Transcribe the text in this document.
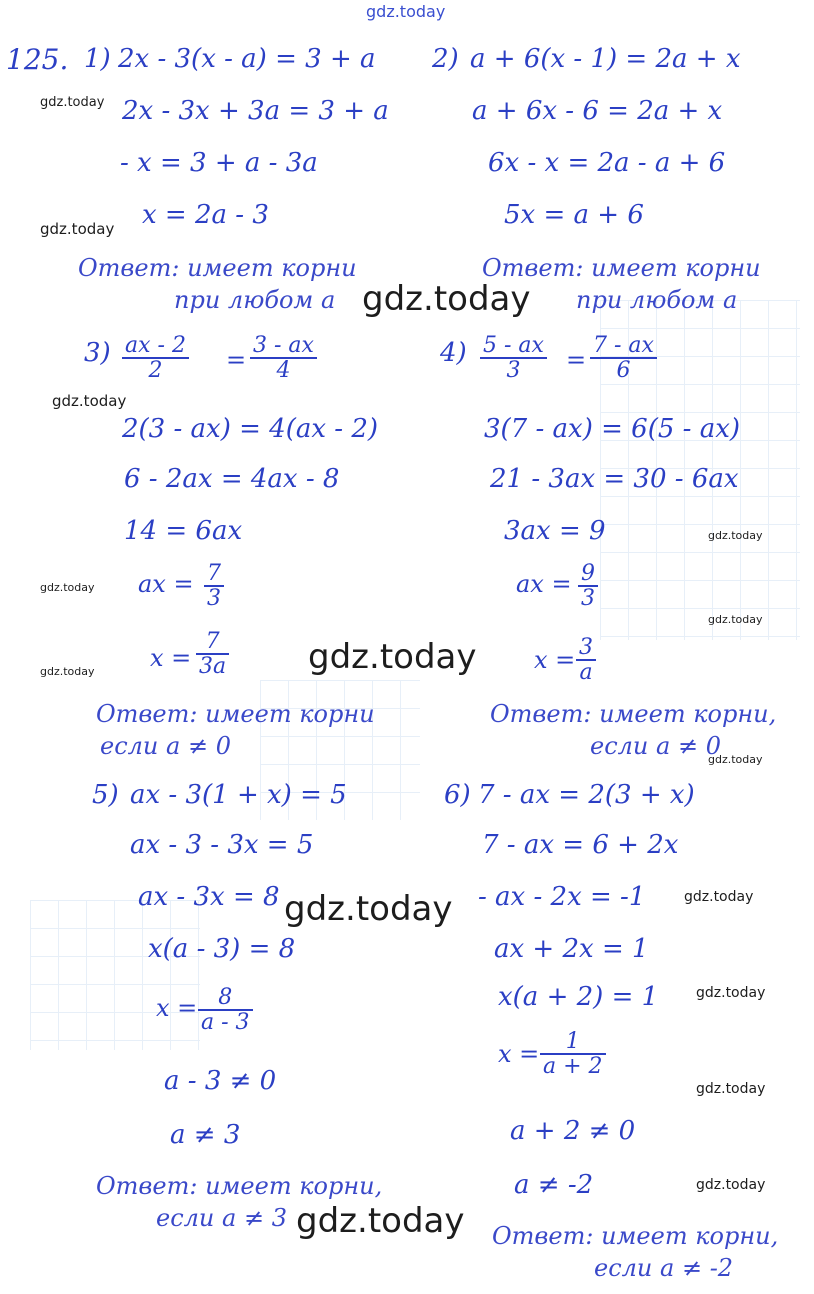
gdz.today
125. 1) 2x - 3(x - a) = 3 + a
2x - 3x + 3a = 3 + a
- x = 3 + a - 3a
x = 2a - 3
Ответ: имеет корни
при любом a
2) a + 6(x - 1) = 2a + x
a + 6x - 6 = 2a + x
6x - x = 2a - a + 6
5x = a + 6
Ответ: имеет корни
при любом a
$3) \frac{ax - 2}{2} = \frac{3 - ax}{4}$
2(3 - ax) = 4(ax - 2)
6 - 2ax = 4ax - 8
14 = 6ax
ax = $\frac{7}{3}$
$x = \frac{7}{3a}$
Ответ: имеет корни
если a ≠ 0
$4) \frac{5 - ax}{3} = \frac{7 - ax}{6}$
3(7 - ax) = 6(5 - ax)
21 - 3ax = 30 - 6ax
3ax = 9
ax = $\frac{9}{3}$
$x = \frac{3}{a}$
Ответ: имеет корни,
если a ≠ 0
5) ax - 3(1 + x) = 5
ax - 3 - 3x = 5
ax - 3x = 8
x(a - 3) = 8
$x = \frac{8}{a - 3}$
a - 3 ≠ 0
a ≠ 3
Ответ: имеет корни,
если a ≠ 3
6) 7 - ax = 2(3 + x)
7 - ax = 6 + 2x
- ax - 2x = -1
ax + 2x = 1
x(a + 2) = 1
$x = \frac{1}{a + 2}$
a + 2 ≠ 0
a ≠ -2
Ответ: имеет корни,
если a ≠ -2
gdz.today
gdz.today
gdz.today
gdz.today
gdz.today
gdz.today
gdz.today
gdz.today
gdz.today
gdz.today
gdz.today
gdz.today
gdz.today
gdz.today
gdz.today
gdz.today
